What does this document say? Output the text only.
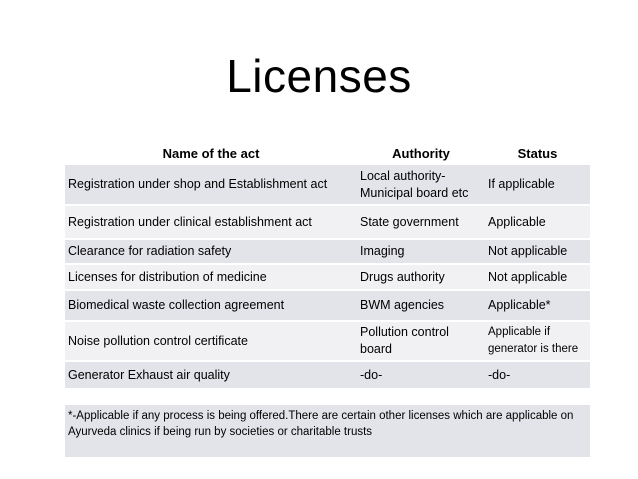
Licenses
Name of the act	Authority	Status
Registration under shop and Establishment act	Local authority- Municipal board etc	If applicable
Registration under clinical establishment act	State government	Applicable
Clearance for radiation safety	Imaging	Not applicable
Licenses for distribution of medicine	Drugs authority	Not applicable
Biomedical waste collection agreement	BWM agencies	Applicable*
Noise pollution control certificate	Pollution control board	Applicable if generator is there
Generator Exhaust air quality	-do-	-do-
*-Applicable if any process is being offered.There are certain other licenses which are applicable on Ayurveda clinics if being run by societies or charitable trusts
